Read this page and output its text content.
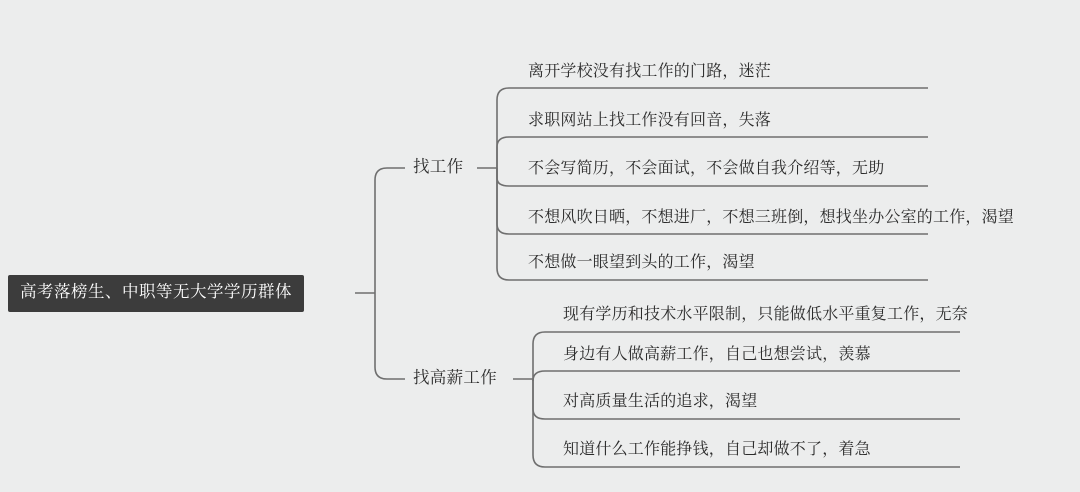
高考落榜生、中职等无大学学历群体
找工作
找高薪工作
离开学校没有找工作的门路，迷茫
求职网站上找工作没有回音，失落
不会写简历，不会面试，不会做自我介绍等，无助
不想风吹日晒，不想进厂，不想三班倒，想找坐办公室的工作，渴望
不想做一眼望到头的工作，渴望
现有学历和技术水平限制，只能做低水平重复工作，无奈
身边有人做高薪工作，自己也想尝试，羡慕
对高质量生活的追求，渴望
知道什么工作能挣钱，自己却做不了，着急
